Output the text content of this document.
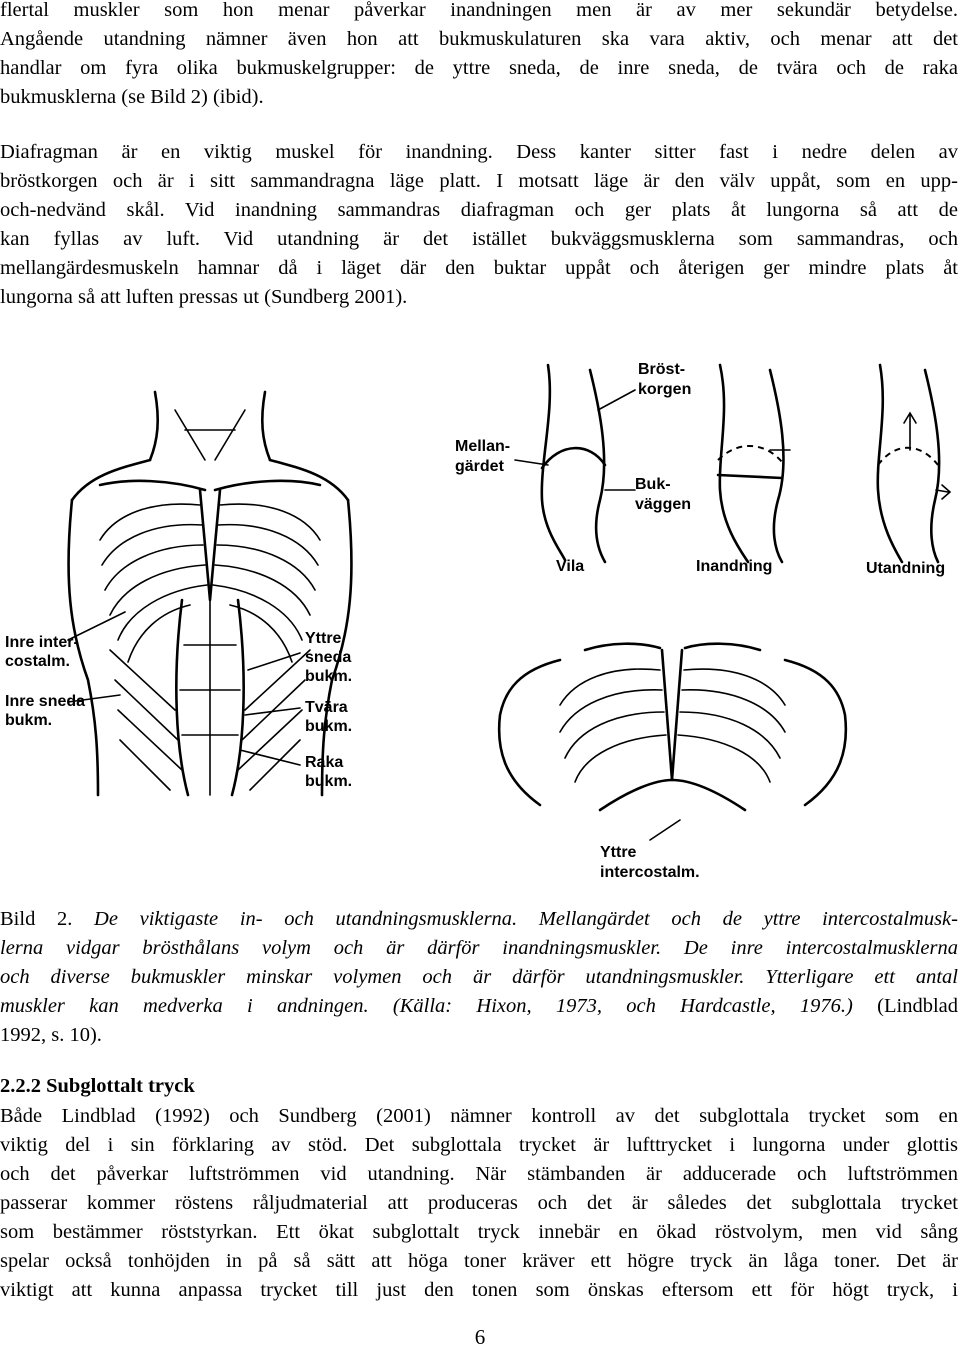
flertal muskler som hon menar påverkar inandningen men är av mer sekundär betydelse.
Angående utandning nämner även hon att bukmuskulaturen ska vara aktiv, och menar att det
handlar om fyra olika bukmuskelgrupper: de yttre sneda, de inre sneda, de tvära och de raka
bukmusklerna (se Bild 2) (ibid).
Diafragman är en viktig muskel för inandning. Dess kanter sitter fast i nedre delen av
bröstkorgen och är i sitt sammandragna läge platt. I motsatt läge är den välv uppåt, som en upp-
och-nedvänd skål. Vid inandning sammandras diafragman och ger plats åt lungorna så att de
kan fyllas av luft. Vid utandning är det istället bukväggsmusklerna som sammandras, och
mellangärdesmuskeln hamnar då i läget där den buktar uppåt och återigen ger mindre plats åt
lungorna så att luften pressas ut (Sundberg 2001).
Inre inter-
costalm.
Inre sneda
bukm.
Yttre
sneda
bukm.
Tvära
bukm.
Raka
bukm.
Bröst-
korgen
Mellan-
gärdet
Buk-
väggen
Vila	Inandning	Utandning
Yttre
intercostalm.
Bild 2. De viktigaste in- och utandningsmusklerna. Mellangärdet och de yttre intercostalmusk-
lerna vidgar brösthålans volym och är därför inandningsmuskler. De inre intercostalmusklerna
och diverse bukmuskler minskar volymen och är därför utandningsmuskler. Ytterligare ett antal
muskler kan medverka i andningen. (Källa: Hixon, 1973, och Hardcastle, 1976.) (Lindblad
1992, s. 10).

2.2.2 Subglottalt tryck

Både Lindblad (1992) och Sundberg (2001) nämner kontroll av det subglottala trycket som en
viktig del i sin förklaring av stöd. Det subglottala trycket är lufttrycket i lungorna under glottis
och det påverkar luftströmmen vid utandning. När stämbanden är adducerade och luftströmmen
passerar kommer röstens råljudmaterial att produceras och det är således det subglottala trycket
som bestämmer röststyrkan. Ett ökat subglottalt tryck innebär en ökad röstvolym, men vid sång
spelar också tonhöjden in på så sätt att höga toner kräver ett högre tryck än låga toner. Det är
viktigt att kunna anpassa trycket till just den tonen som önskas eftersom ett för högt tryck, i
6
